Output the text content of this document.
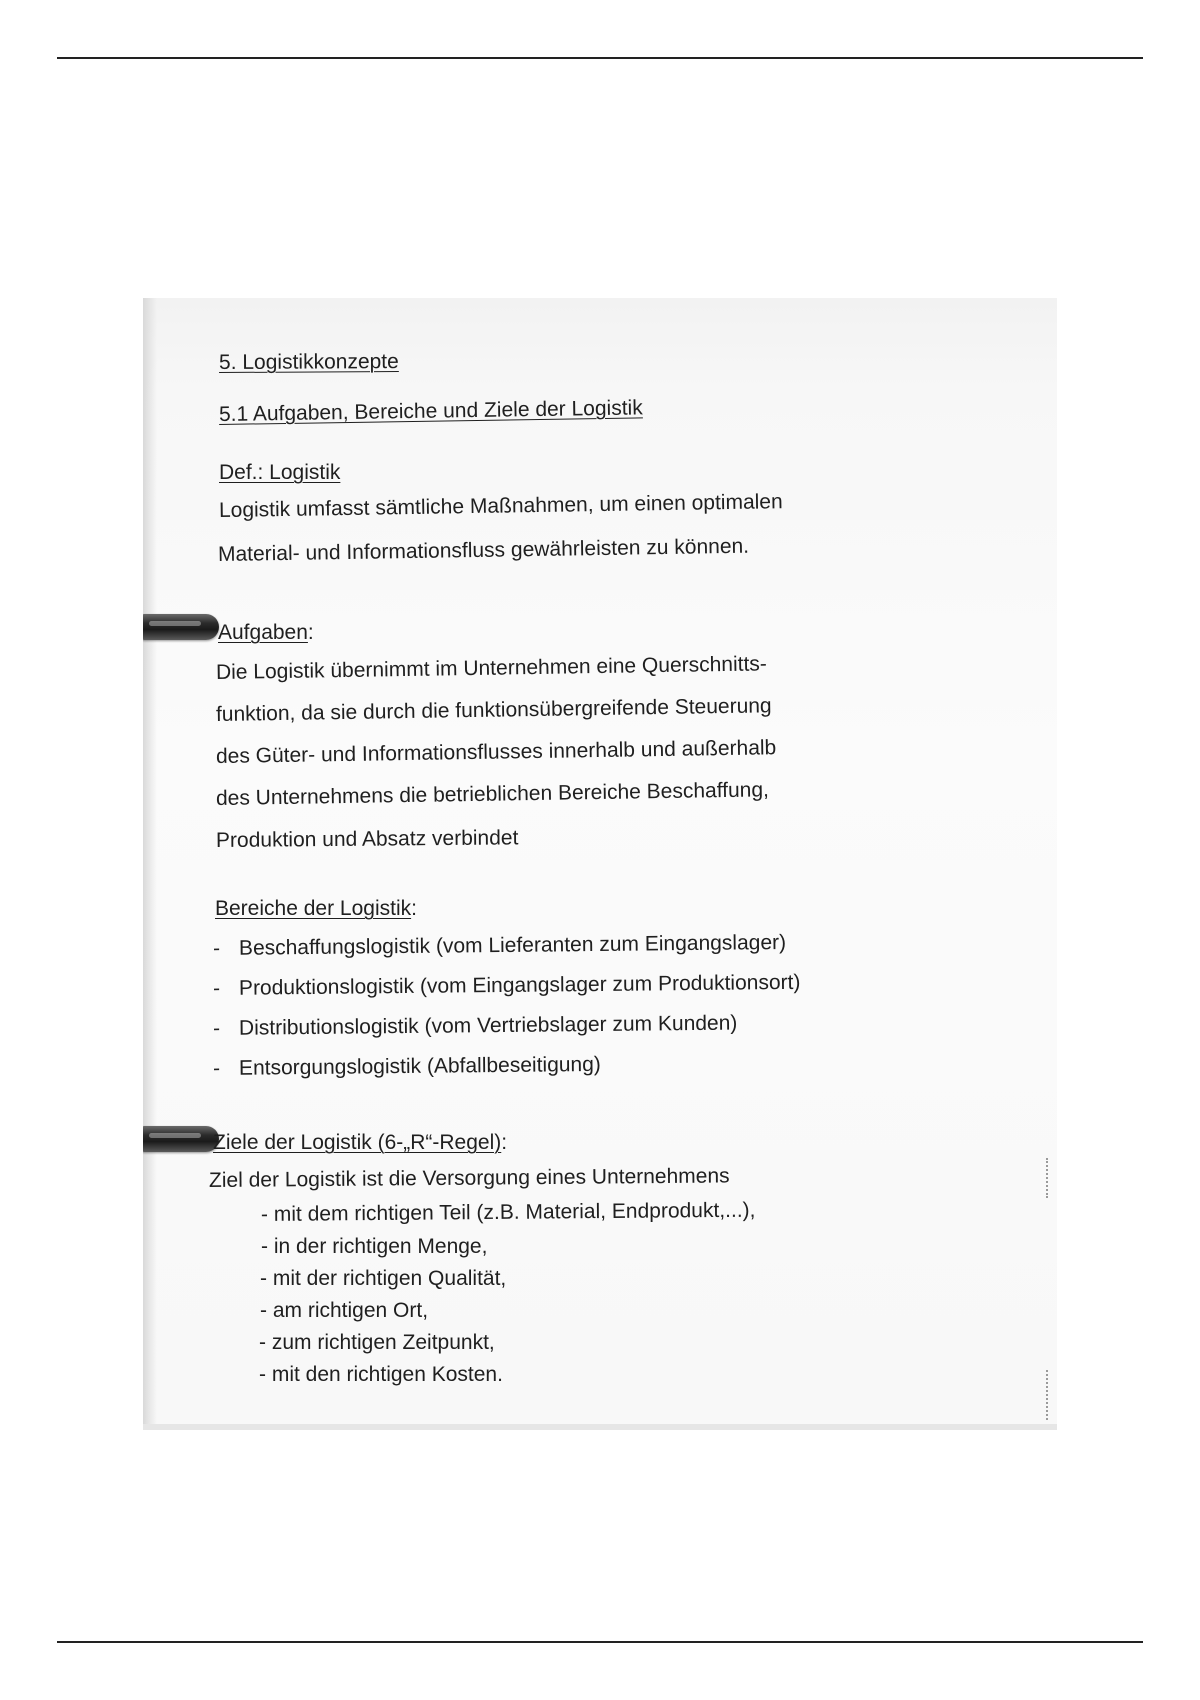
5. Logistikkonzepte
5.1 Aufgaben, Bereiche und Ziele der Logistik
Def.: Logistik
Logistik umfasst sämtliche Maßnahmen, um einen optimalen
Material- und Informationsfluss gewährleisten zu können.
Aufgaben:
Die Logistik übernimmt im Unternehmen eine Querschnitts-
funktion, da sie durch die funktionsübergreifende Steuerung
des Güter- und Informationsflusses innerhalb und außerhalb
des Unternehmens die betrieblichen Bereiche Beschaffung,
Produktion und Absatz verbindet
Bereiche der Logistik:
- Beschaffungslogistik (vom Lieferanten zum Eingangslager)
- Produktionslogistik (vom Eingangslager zum Produktionsort)
- Distributionslogistik (vom Vertriebslager zum Kunden)
- Entsorgungslogistik (Abfallbeseitigung)
Ziele der Logistik (6-„R“-Regel):
Ziel der Logistik ist die Versorgung eines Unternehmens
- mit dem richtigen Teil (z.B. Material, Endprodukt,...),
- in der richtigen Menge,
- mit der richtigen Qualität,
- am richtigen Ort,
- zum richtigen Zeitpunkt,
- mit den richtigen Kosten.
